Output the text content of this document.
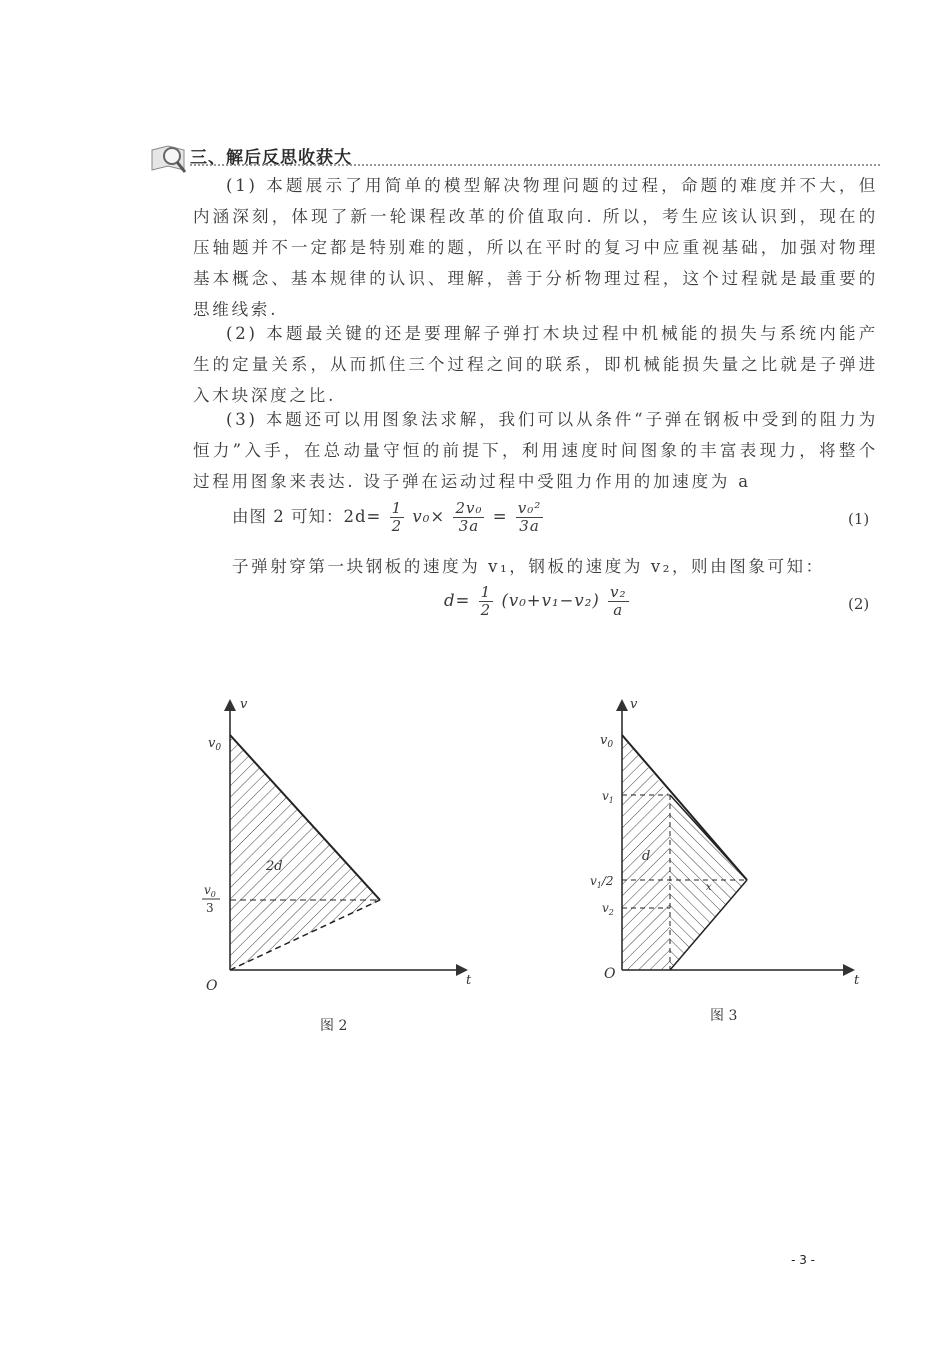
三、解后反思收获大
(1) 本题展示了用简单的模型解决物理问题的过程，命题的难度并不大，但内涵深刻，体现了新一轮课程改革的价值取向. 所以，考生应该认识到，现在的压轴题并不一定都是特别难的题，所以在平时的复习中应重视基础，加强对物理基本概念、基本规律的认识、理解，善于分析物理过程，这个过程就是最重要的思维线索.
(2) 本题最关键的还是要理解子弹打木块过程中机械能的损失与系统内能产生的定量关系，从而抓住三个过程之间的联系，即机械能损失量之比就是子弹进入木块深度之比.
(3) 本题还可以用图象法求解，我们可以从条件“子弹在钢板中受到的阻力为恒力”入手，在总动量守恒的前提下，利用速度时间图象的丰富表现力，将整个过程用图象来表达. 设子弹在运动过程中受阻力作用的加速度为 a
由图 2 可知：$2d= \frac{1}{2} v_0\times \frac{\text{2v₀}}{3a} = \frac{\text{v₀²}}{3a}$	(1)
子弹射穿第一块钢板的速度为 v₁，钢板的速度为 v₂，则由图象可知：
$d= \frac{1}{2} (v_0+v_1-v_2) \frac{\text{v₂}}{a}$	(2)
v
t
O
$v_0$
$v_0$
3
2d
图 2
v
t
O
$v_0$
$v_1$
$v_1/2$
$v_2$
d
x
图 3
- 3 -
